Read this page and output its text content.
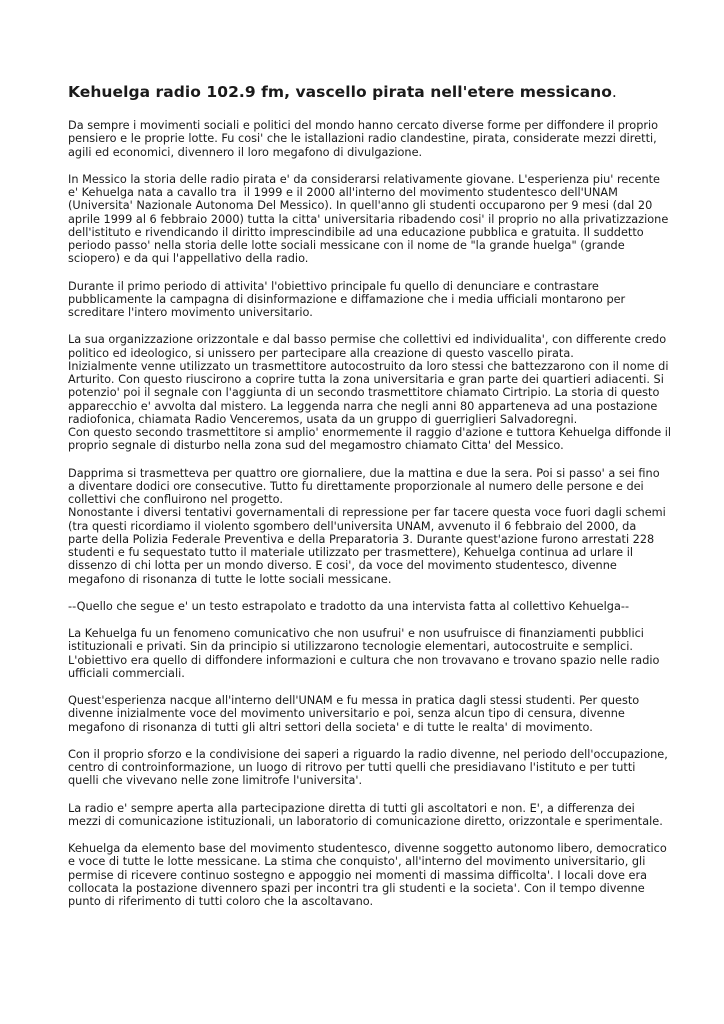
Kehuelga radio 102.9 fm, vascello pirata nell'etere messicano.

Da sempre i movimenti sociali e politici del mondo hanno cercato diverse forme per diffondere il proprio
pensiero e le proprie lotte. Fu cosi' che le istallazioni radio clandestine, pirata, considerate mezzi diretti,
agili ed economici, divennero il loro megafono di divulgazione.

In Messico la storia delle radio pirata e' da considerarsi relativamente giovane. L'esperienza piu' recente
e' Kehuelga nata a cavallo tra  il 1999 e il 2000 all'interno del movimento studentesco dell'UNAM
(Universita' Nazionale Autonoma Del Messico). In quell'anno gli studenti occuparono per 9 mesi (dal 20
aprile 1999 al 6 febbraio 2000) tutta la citta' universitaria ribadendo cosi' il proprio no alla privatizzazione
dell'istituto e rivendicando il diritto imprescindibile ad una educazione pubblica e gratuita. Il suddetto
periodo passo' nella storia delle lotte sociali messicane con il nome de "la grande huelga" (grande
sciopero) e da qui l'appellativo della radio.

Durante il primo periodo di attivita' l'obiettivo principale fu quello di denunciare e contrastare
pubblicamente la campagna di disinformazione e diffamazione che i media ufficiali montarono per
screditare l'intero movimento universitario.

La sua organizzazione orizzontale e dal basso permise che collettivi ed individualita', con differente credo
politico ed ideologico, si unissero per partecipare alla creazione di questo vascello pirata.
Inizialmente venne utilizzato un trasmettitore autocostruito da loro stessi che battezzarono con il nome di
Arturito. Con questo riuscirono a coprire tutta la zona universitaria e gran parte dei quartieri adiacenti. Si
potenzio' poi il segnale con l'aggiunta di un secondo trasmettitore chiamato Cirtripio. La storia di questo
apparecchio e' avvolta dal mistero. La leggenda narra che negli anni 80 apparteneva ad una postazione
radiofonica, chiamata Radio Venceremos, usata da un gruppo di guerriglieri Salvadoregni.
Con questo secondo trasmettitore si amplio' enormemente il raggio d'azione e tuttora Kehuelga diffonde il
proprio segnale di disturbo nella zona sud del megamostro chiamato Citta' del Messico.

Dapprima si trasmetteva per quattro ore giornaliere, due la mattina e due la sera. Poi si passo' a sei fino
a diventare dodici ore consecutive. Tutto fu direttamente proporzionale al numero delle persone e dei
collettivi che confluirono nel progetto.
Nonostante i diversi tentativi governamentali di repressione per far tacere questa voce fuori dagli schemi
(tra questi ricordiamo il violento sgombero dell'universita UNAM, avvenuto il 6 febbraio del 2000, da
parte della Polizia Federale Preventiva e della Preparatoria 3. Durante quest'azione furono arrestati 228
studenti e fu sequestato tutto il materiale utilizzato per trasmettere), Kehuelga continua ad urlare il
dissenzo di chi lotta per un mondo diverso. E cosi', da voce del movimento studentesco, divenne
megafono di risonanza di tutte le lotte sociali messicane.

--Quello che segue e' un testo estrapolato e tradotto da una intervista fatta al collettivo Kehuelga--

La Kehuelga fu un fenomeno comunicativo che non usufrui' e non usufruisce di finanziamenti pubblici
istituzionali e privati. Sin da principio si utilizzarono tecnologie elementari, autocostruite e semplici.
L'obiettivo era quello di diffondere informazioni e cultura che non trovavano e trovano spazio nelle radio
ufficiali commerciali.

Quest'esperienza nacque all'interno dell'UNAM e fu messa in pratica dagli stessi studenti. Per questo
divenne inizialmente voce del movimento universitario e poi, senza alcun tipo di censura, divenne
megafono di risonanza di tutti gli altri settori della societa' e di tutte le realta' di movimento.

Con il proprio sforzo e la condivisione dei saperi a riguardo la radio divenne, nel periodo dell'occupazione,
centro di controinformazione, un luogo di ritrovo per tutti quelli che presidiavano l'istituto e per tutti
quelli che vivevano nelle zone limitrofe l'universita'.

La radio e' sempre aperta alla partecipazione diretta di tutti gli ascoltatori e non. E', a differenza dei
mezzi di comunicazione istituzionali, un laboratorio di comunicazione diretto, orizzontale e sperimentale.

Kehuelga da elemento base del movimento studentesco, divenne soggetto autonomo libero, democratico
e voce di tutte le lotte messicane. La stima che conquisto', all'interno del movimento universitario, gli
permise di ricevere continuo sostegno e appoggio nei momenti di massima difficolta'. I locali dove era
collocata la postazione divennero spazi per incontri tra gli studenti e la societa'. Con il tempo divenne
punto di riferimento di tutti coloro che la ascoltavano.
